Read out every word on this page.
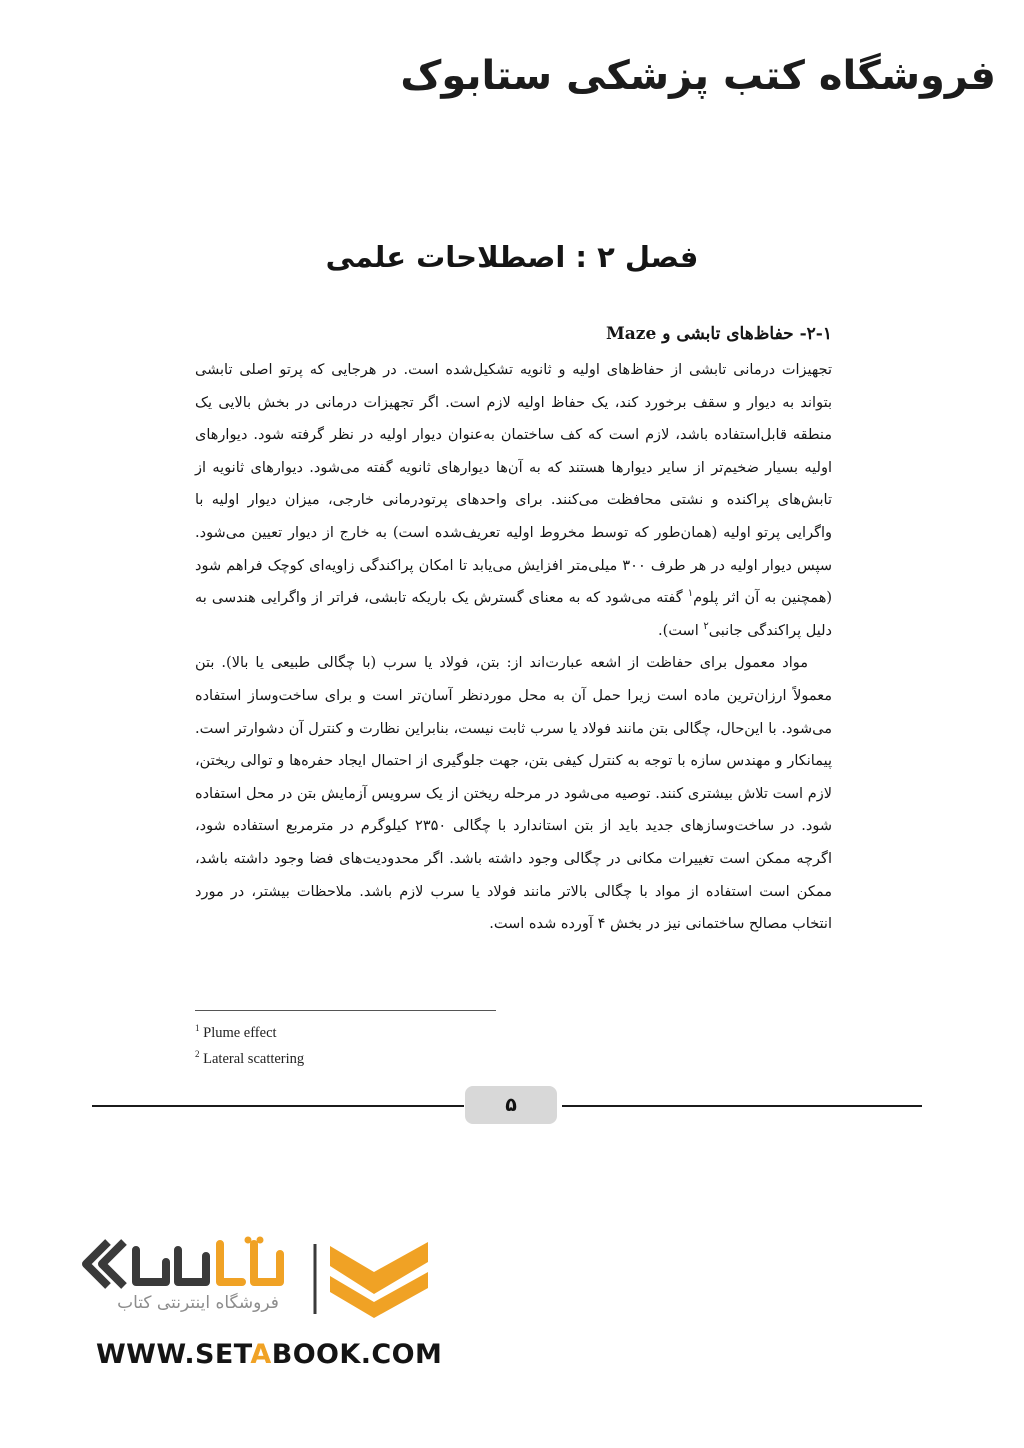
فروشگاه کتب پزشکی ستابوک
فصل ۲ : اصطلاحات علمی
۲-۱- حفاظ‌های تابشی و Maze

تجهیزات درمانی تابشی از حفاظ‌های اولیه و ثانویه تشکیل‌شده است. در هرجایی که پرتو اصلی تابشی بتواند به دیوار و سقف برخورد کند، یک حفاظ اولیه لازم است. اگر تجهیزات درمانی در بخش بالایی یک منطقه قابل‌استفاده باشد، لازم است که کف ساختمان به‌عنوان دیوار اولیه در نظر گرفته شود. دیوارهای اولیه بسیار ضخیم‌تر از سایر دیوارها هستند که به آن‌ها دیوارهای ثانویه گفته می‌شود. دیوارهای ثانویه از تابش‌های پراکنده و نشتی محافظت می‌کنند. برای واحدهای پرتودرمانی خارجی، میزان دیوار اولیه با واگرایی پرتو اولیه (همان‌طور که توسط مخروط اولیه تعریف‌شده است) به خارج از دیوار تعیین می‌شود. سپس دیوار اولیه در هر طرف ۳۰۰ میلی‌متر افزایش می‌یابد تا امکان پراکندگی زاویه‌ای کوچک فراهم شود (همچنین به آن اثر پلوم$^۱$ گفته می‌شود که به معنای گسترش یک باریکه تابشی، فراتر از واگرایی هندسی به دلیل پراکندگی جانبی$^۲$ است).

مواد معمول برای حفاظت از اشعه عبارت‌اند از: بتن، فولاد یا سرب (با چگالی طبیعی یا بالا). بتن معمولاً ارزان‌ترین ماده است زیرا حمل آن به محل موردنظر آسان‌تر است و برای ساخت‌وساز استفاده می‌شود. با این‌حال، چگالی بتن مانند فولاد یا سرب ثابت نیست، بنابراین نظارت و کنترل آن دشوارتر است. پیمانکار و مهندس سازه با توجه به کنترل کیفی بتن، جهت جلوگیری از احتمال ایجاد حفره‌ها و توالی ریختن، لازم است تلاش بیشتری کنند. توصیه می‌شود در مرحله ریختن از یک سرویس آزمایش بتن در محل استفاده شود. در ساخت‌وسازهای جدید باید از بتن استاندارد با چگالی ۲۳۵۰ کیلوگرم در مترمربع استفاده شود، اگرچه ممکن است تغییرات مکانی در چگالی وجود داشته باشد. اگر محدودیت‌های فضا وجود داشته باشد، ممکن است استفاده از مواد با چگالی بالاتر مانند فولاد یا سرب لازم باشد. ملاحظات بیشتر، در مورد انتخاب مصالح ساختمانی نیز در بخش ۴ آورده شده است.

$^1$ Plume effect
$^2$ Lateral scattering
۵
فروشگاه اینترنتی کتاب
WWW.SETABOOK.COM
